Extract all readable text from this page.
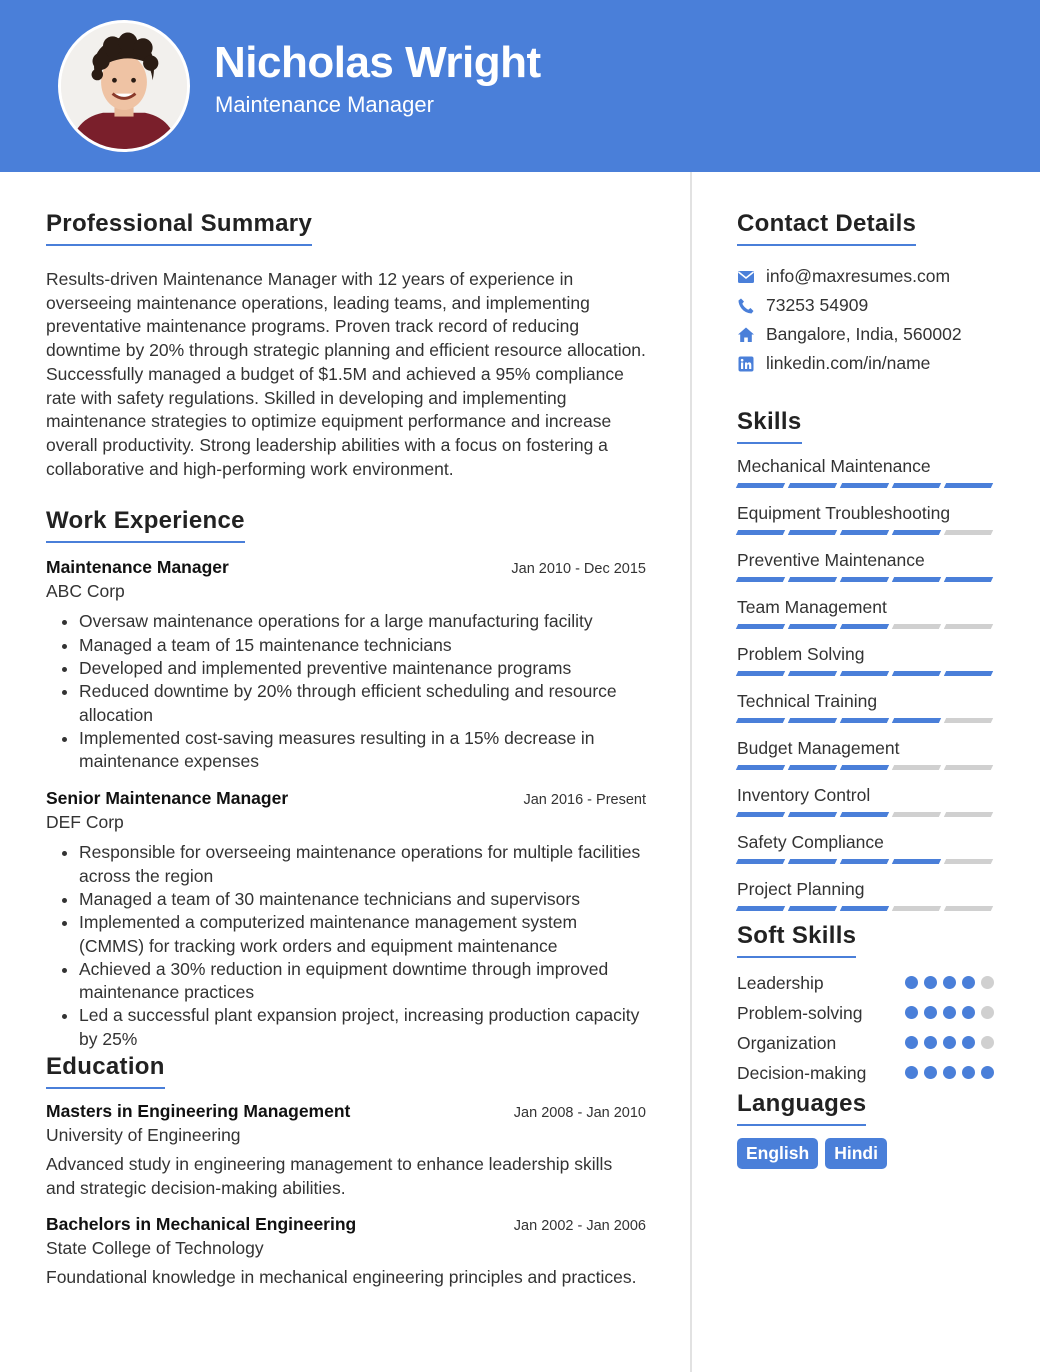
Nicholas Wright
Maintenance Manager
Professional Summary

Results-driven Maintenance Manager with 12 years of experience in overseeing maintenance operations, leading teams, and implementing preventative maintenance programs. Proven track record of reducing downtime by 20% through strategic planning and efficient resource allocation. Successfully managed a budget of $1.5M and achieved a 95% compliance rate with safety regulations. Skilled in developing and implementing maintenance strategies to optimize equipment performance and increase overall productivity. Strong leadership abilities with a focus on fostering a collaborative and high-performing work environment.

Work Experience
Maintenance Manager	Jan 2010 - Dec 2015
ABC Corp
• Oversaw maintenance operations for a large manufacturing facility
• Managed a team of 15 maintenance technicians
• Developed and implemented preventive maintenance programs
• Reduced downtime by 20% through efficient scheduling and resource allocation
• Implemented cost-saving measures resulting in a 15% decrease in maintenance expenses
Senior Maintenance Manager	Jan 2016 - Present
DEF Corp
• Responsible for overseeing maintenance operations for multiple facilities across the region
• Managed a team of 30 maintenance technicians and supervisors
• Implemented a computerized maintenance management system (CMMS) for tracking work orders and equipment maintenance
• Achieved a 30% reduction in equipment downtime through improved maintenance practices
• Led a successful plant expansion project, increasing production capacity by 25%
Education
Masters in Engineering Management	Jan 2008 - Jan 2010
University of Engineering

Advanced study in engineering management to enhance leadership skills and strategic decision-making abilities.

Bachelors in Mechanical Engineering	Jan 2002 - Jan 2006
State College of Technology

Foundational knowledge in mechanical engineering principles and practices.

Contact Details
info@maxresumes.com
73253 54909
Bangalore, India, 560002
linkedin.com/in/name
Skills
Mechanical Maintenance
Equipment Troubleshooting
Preventive Maintenance
Team Management
Problem Solving
Technical Training
Budget Management
Inventory Control
Safety Compliance
Project Planning
Soft Skills
Leadership
Problem-solving
Organization
Decision-making
Languages
English	Hindi
